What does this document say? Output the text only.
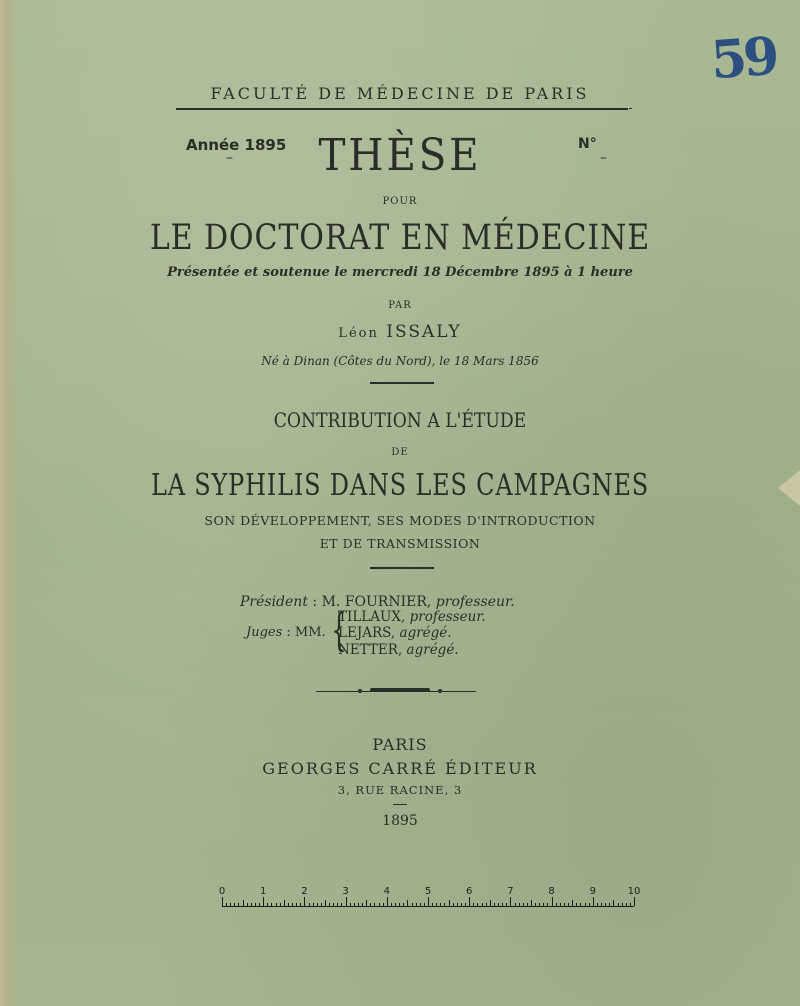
59
FACULTÉ DE MÉDECINE DE PARIS
Année 1895
–	THÈSE	N°
–
POUR
LE DOCTORAT EN MÉDECINE
Présentée et soutenue le mercredi 18 Décembre 1895 à 1 heure
PAR
Léon ISSALY
Né à Dinan (Côtes du Nord), le 18 Mars 1856
CONTRIBUTION A L'ÉTUDE
DE
LA SYPHILIS DANS LES CAMPAGNES
SON DÉVELOPPEMENT, SES MODES D'INTRODUCTION
ET DE TRANSMISSION
Président : M. FOURNIER, professeur.
Juges : MM. {
TILLAUX, professeur.
LEJARS, agrégé.
NETTER, agrégé.
PARIS
GEORGES CARRÉ ÉDITEUR
3, RUE RACINE, 3
1895
0	1	2	3	4	5	6	7	8	9	10
